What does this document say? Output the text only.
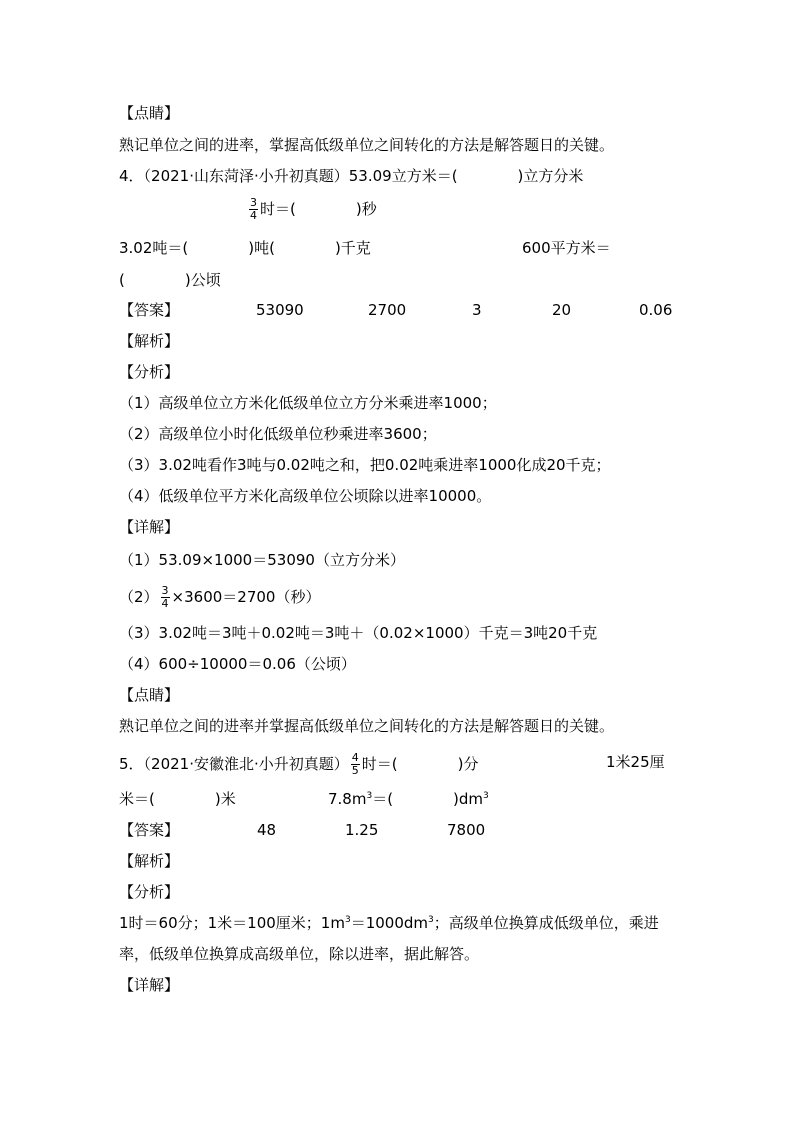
【点睛】
熟记单位之间的进率，掌握高低级单位之间转化的方法是解答题日的关键。
4．（2021·山东菏泽·小升初真题）53.09立方米＝(　　　　)立方分米
$\frac{3}{4}$ 时＝(　　　　)秒
3.02吨＝(　　　　)吨(　　　　)千克	600平方米＝
(　　　　)公顷
【答案】	53090	2700	3	20	0.06
【解析】
【分析】
（1）高级单位立方米化低级单位立方分米乘进率1000；
（2）高级单位小时化低级单位秒乘进率3600；
（3）3.02吨看作3吨与0.02吨之和，把0.02吨乘进率1000化成20千克；
（4）低级单位平方米化高级单位公顷除以进率10000。
【详解】
（1）53.09×1000＝53090（立方分米）
$(2) \frac{3}{4} \times 3600=2700$（秒）
（3）3.02吨＝3吨＋0.02吨＝3吨＋（0.02×1000）千克＝3吨20千克
（4）600÷10000＝0.06（公顷）
【点睛】
熟记单位之间的进率并掌握高低级单位之间转化的方法是解答题日的关键。
5．（2021·安徽淮北·小升初真题） $\frac{4}{5}$ 时＝(　　　　)分	1米25厘
米＝(　　　　)米	$7.8m^3=$(　　　　)$dm^3$
【答案】	48	1.25	7800
【解析】
【分析】
1时＝60分；1米＝100厘米；$1m^3=1000dm^3$；高级单位换算成低级单位，乘进
率，低级单位换算成高级单位，除以进率，据此解答。
【详解】
